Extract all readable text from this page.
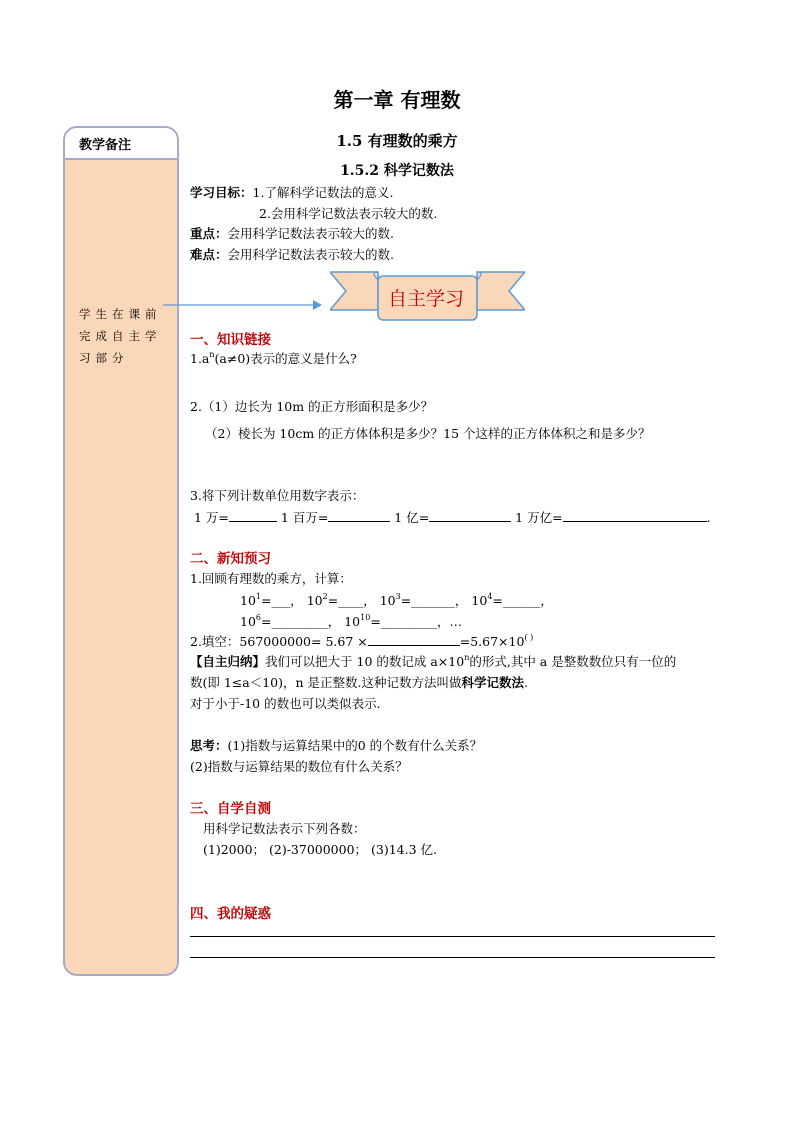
第一章 有理数
教学备注
学生在课前完成自主学习部分
1.5 有理数的乘方
1.5.2 科学记数法
学习目标：1.了解科学记数法的意义.
2.会用科学记数法表示较大的数.
重点：会用科学记数法表示较大的数.
难点：会用科学记数法表示较大的数.
自主学习
一、知识链接
$1.a^n(a\ne 0)$表示的意义是什么?
2.（1）边长为 10m 的正方形面积是多少？
（2）棱长为 10cm 的正方体体积是多少？15 个这样的正方体体积之和是多少？
3.将下列计数单位用数字表示：
1 万=	1 百万=	1 亿=	1 万亿=	.
二、新知预习
1.回顾有理数的乘方，计算：
$10^1=\_\_\_$， $10^2=\_\_\_\_$， $10^3=\_\_\_\_\_\_\_$， $10^4=\_\_\_\_\_\_$，
$10^6=\_\_\_\_\_\_\_\_\_$， $10^{10}=\_\_\_\_\_\_\_\_\_$，…
2.填空：567000000= 5.67 ×	=5.67×10( )
【自主归纳】我们可以把大于 10 的数记成 $a\times 10^n$的形式,其中 a 是整数数位只有一位的
数(即 1≤a＜10)，n 是正整数.这种记数方法叫做科学记数法.
对于小于-10 的数也可以类似表示.
思考：(1)指数与运算结果中的0 的个数有什么关系？
(2)指数与运算结果的数位有什么关系？
三、自学自测
用科学记数法表示下列各数：
(1)2000； (2)-37000000； (3)14.3 亿.
四、我的疑惑
